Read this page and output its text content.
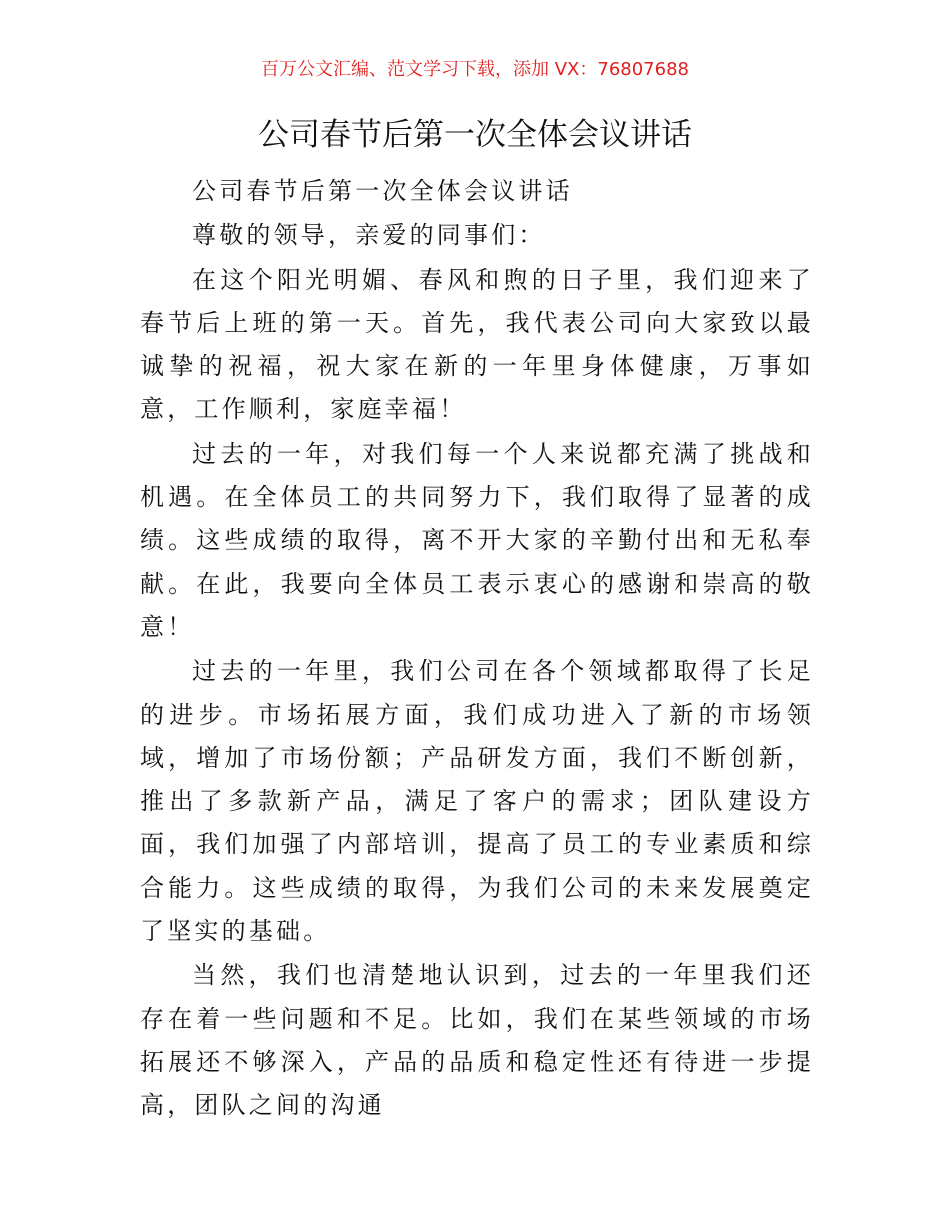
百万公文汇编、范文学习下载，添加 VX：76807688
公司春节后第一次全体会议讲话

公司春节后第一次全体会议讲话

尊敬的领导，亲爱的同事们：

在这个阳光明媚、春风和煦的日子里，我们迎来了春节后上班的第一天。首先，我代表公司向大家致以最诚挚的祝福，祝大家在新的一年里身体健康，万事如意，工作顺利，家庭幸福！

过去的一年，对我们每一个人来说都充满了挑战和机遇。在全体员工的共同努力下，我们取得了显著的成绩。这些成绩的取得，离不开大家的辛勤付出和无私奉献。在此，我要向全体员工表示衷心的感谢和崇高的敬意！

过去的一年里，我们公司在各个领域都取得了长足的进步。市场拓展方面，我们成功进入了新的市场领域，增加了市场份额；产品研发方面，我们不断创新，推出了多款新产品，满足了客户的需求；团队建设方面，我们加强了内部培训，提高了员工的专业素质和综合能力。这些成绩的取得，为我们公司的未来发展奠定了坚实的基础。

当然，我们也清楚地认识到，过去的一年里我们还存在着一些问题和不足。比如，我们在某些领域的市场拓展还不够深入，产品的品质和稳定性还有待进一步提高，团队之间的沟通
